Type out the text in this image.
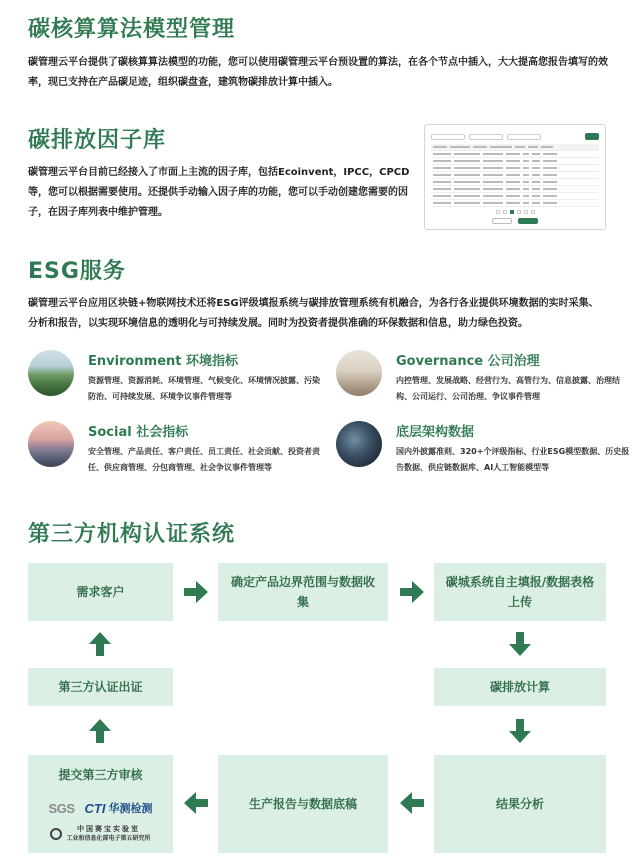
碳核算算法模型管理
碳管理云平台提供了碳核算算法模型的功能，您可以使用碳管理云平台预设置的算法，在各个节点中插入，大大提高您报告填写的效率，现已支持在产品碳足迹，组织碳盘查，建筑物碳排放计算中插入。
碳排放因子库
碳管理云平台目前已经接入了市面上主流的因子库，包括Ecoinvent，IPCC，CPCD等，您可以根据需要使用。还提供手动输入因子库的功能，您可以手动创建您需要的因子，在因子库列表中维护管理。
ESG服务
碳管理云平台应用区块链+物联网技术还将ESG评级填报系统与碳排放管理系统有机融合，为各行各业提供环境数据的实时采集、分析和报告，以实现环境信息的透明化与可持续发展。同时为投资者提供准确的环保数据和信息，助力绿色投资。
Environment 环境指标
资源管理、资源消耗、环境管理、气候变化、环境情况披露、污染防治、可持续发展、环境争议事件管理等
Governance 公司治理
内控管理、发展战略、经营行为、高管行为、信息披露、治理结构、公司运行、公司治理、争议事件管理
Social 社会指标
安全管理、产品责任、客户责任、员工责任、社会贡献、投资者责任、供应商管理、分包商管理、社会争议事件管理等
底层架构数据
国内外披露准则、320+个评级指标、行业ESG模型数据、历史报告数据、供应链数据库、AI人工智能模型等
第三方机构认证系统
需求客户
确定产品边界范围与数据收集
碳城系统自主填报/数据表格上传
碳排放计算
第三方认证出证
生产报告与数据底稿	结果分析
提交第三方审核
SGS CTI 华测检测
中国赛宝实验室
工业和信息化部电子第五研究所
